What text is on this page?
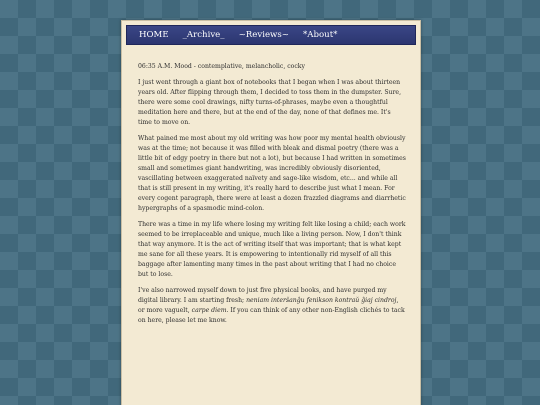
HOME _Archive_ ~Reviews~ *About*

06:35 A.M. Mood - contemplative, melancholic, cocky

I just went through a giant box of notebooks that I began when I was about thirteen years old. After flipping through them, I decided to toss them in the dumpster. Sure, there were some cool drawings, nifty turns-of-phrases, maybe even a thoughtful meditation here and there, but at the end of the day, none of that defines me. It's time to move on.

What pained me most about my old writing was how poor my mental health obviously was at the time; not because it was filled with bleak and dismal poetry (there was a little bit of edgy poetry in there but not a lot), but because I had written in sometimes small and sometimes giant handwriting, was incredibly obviously disoriented, vascillating between exaggerated naïvety and sage-like wisdom, etc... and while all that is still present in my writing, it's really hard to describe just what I mean. For every cogent paragraph, there were at least a dozen frazzled diagrams and diarrhetic hypergraphs of a spasmodic mind-colon.

There was a time in my life where losing my writing felt like losing a child; each work seemed to be irreplaceable and unique, much like a living person. Now, I don't think that way anymore. It is the act of writing itself that was important; that is what kept me sane for all these years. It is empowering to intentionally rid myself of all this baggage after lamenting many times in the past about writing that I had no choice but to lose.

I've also narrowed myself down to just five physical books, and have purged my digital library. I am starting fresh; neniam interšanĝu fenikson kontraŭ ĝiaj cindroj, or more vaguelt, carpe diem. If you can think of any other non-English clichés to tack on here, please let me know.
